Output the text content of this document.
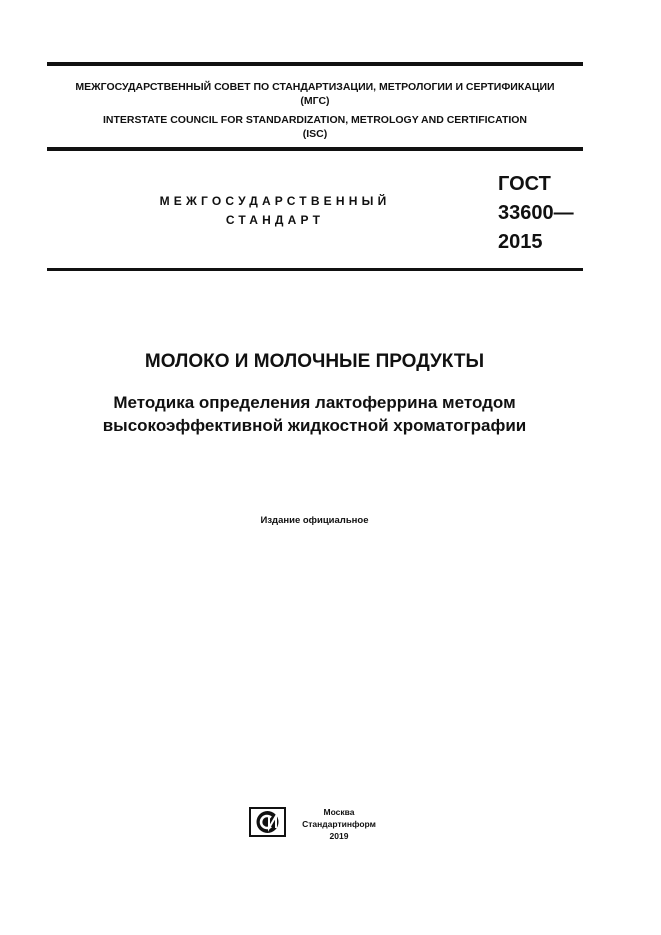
МЕЖГОСУДАРСТВЕННЫЙ СОВЕТ ПО СТАНДАРТИЗАЦИИ, МЕТРОЛОГИИ И СЕРТИФИКАЦИИ
(МГС)
INTERSTATE COUNCIL FOR STANDARDIZATION, METROLOGY AND CERTIFICATION
(ISC)
МЕЖГОСУДАРСТВЕННЫЙ
СТАНДАРТ
ГОСТ
33600—
2015
МОЛОКО И МОЛОЧНЫЕ ПРОДУКТЫ
Методика определения лактоферрина методом
высокоэффективной жидкостной хроматографии
Издание официальное
Москва
Стандартинформ
2019
